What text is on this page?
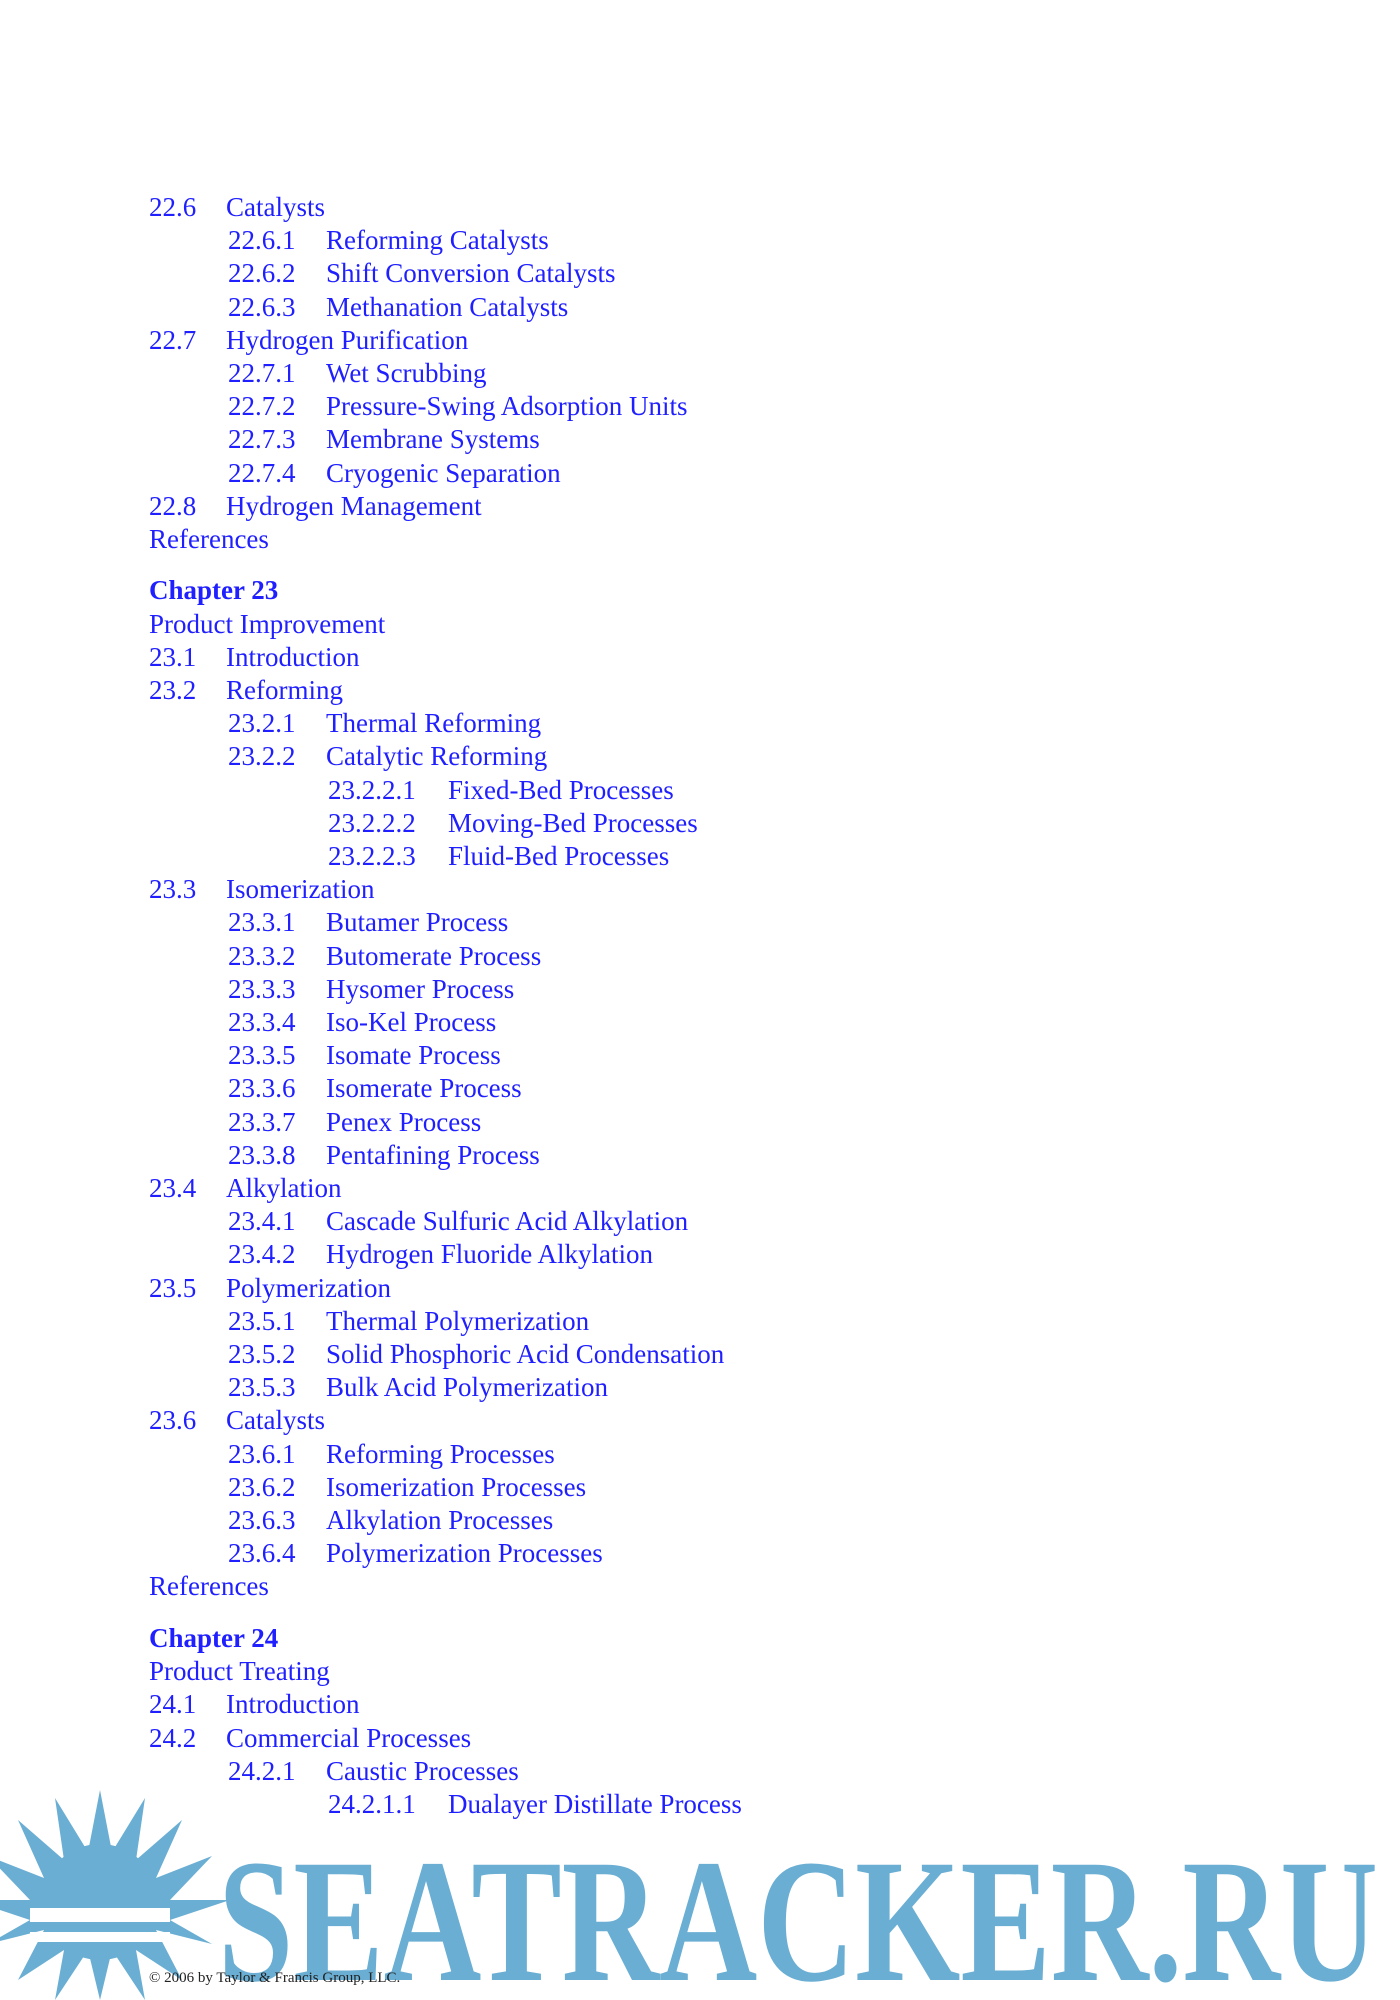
22.6 Catalysts
22.6.1 Reforming Catalysts
22.6.2 Shift Conversion Catalysts
22.6.3 Methanation Catalysts
22.7 Hydrogen Purification
22.7.1 Wet Scrubbing
22.7.2 Pressure-Swing Adsorption Units
22.7.3 Membrane Systems
22.7.4 Cryogenic Separation
22.8 Hydrogen Management
References
Chapter 23
Product Improvement
23.1 Introduction
23.2 Reforming
23.2.1 Thermal Reforming
23.2.2 Catalytic Reforming
23.2.2.1 Fixed-Bed Processes
23.2.2.2 Moving-Bed Processes
23.2.2.3 Fluid-Bed Processes
23.3 Isomerization
23.3.1 Butamer Process
23.3.2 Butomerate Process
23.3.3 Hysomer Process
23.3.4 Iso-Kel Process
23.3.5 Isomate Process
23.3.6 Isomerate Process
23.3.7 Penex Process
23.3.8 Pentafining Process
23.4 Alkylation
23.4.1 Cascade Sulfuric Acid Alkylation
23.4.2 Hydrogen Fluoride Alkylation
23.5 Polymerization
23.5.1 Thermal Polymerization
23.5.2 Solid Phosphoric Acid Condensation
23.5.3 Bulk Acid Polymerization
23.6 Catalysts
23.6.1 Reforming Processes
23.6.2 Isomerization Processes
23.6.3 Alkylation Processes
23.6.4 Polymerization Processes
References
Chapter 24
Product Treating
24.1 Introduction
24.2 Commercial Processes
24.2.1 Caustic Processes
24.2.1.1 Dualayer Distillate Process
SEATRACKER.RU
© 2006 by Taylor & Francis Group, LLC.
